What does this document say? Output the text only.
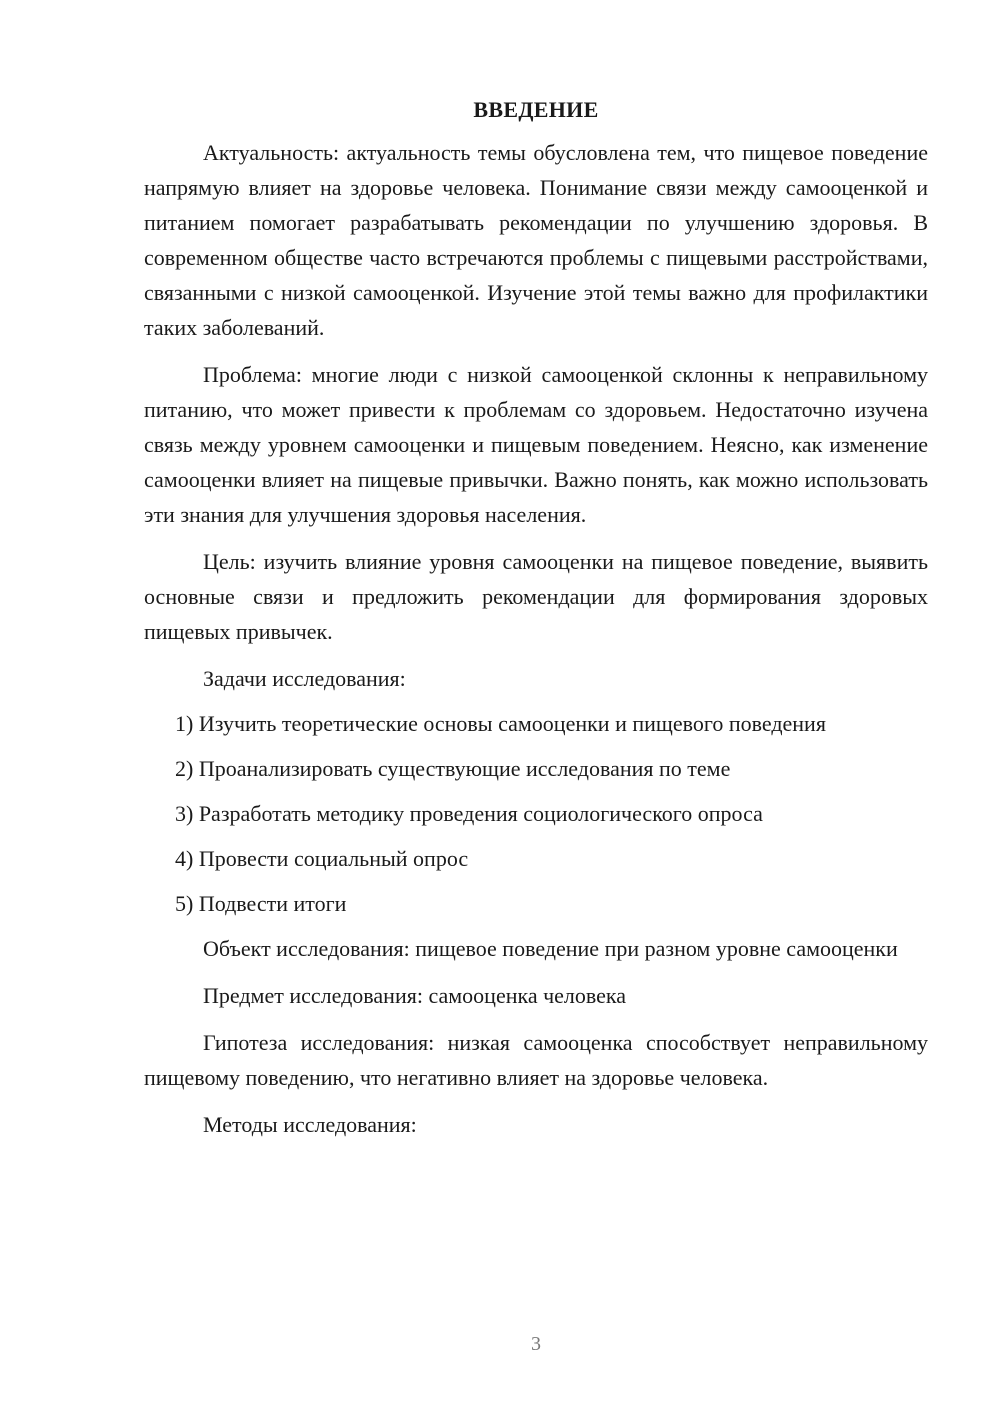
ВВЕДЕНИЕ

Актуальность: актуальность темы обусловлена тем, что пищевое поведение напрямую влияет на здоровье человека. Понимание связи между самооценкой и питанием помогает разрабатывать рекомендации по улучшению здоровья. В современном обществе часто встречаются проблемы с пищевыми расстройствами, связанными с низкой самооценкой. Изучение этой темы важно для профилактики таких заболеваний.

Проблема: многие люди с низкой самооценкой склонны к неправильному питанию, что может привести к проблемам со здоровьем. Недостаточно изучена связь между уровнем самооценки и пищевым поведением. Неясно, как изменение самооценки влияет на пищевые привычки. Важно понять, как можно использовать эти знания для улучшения здоровья населения.

Цель: изучить влияние уровня самооценки на пищевое поведение, выявить основные связи и предложить рекомендации для формирования здоровых пищевых привычек.

Задачи исследования:

1) Изучить теоретические основы самооценки и пищевого поведения
2) Проанализировать существующие исследования по теме
3) Разработать методику проведения социологического опроса
4) Провести социальный опрос
5) Подвести итоги

Объект исследования: пищевое поведение при разном уровне самооценки

Предмет исследования: самооценка человека

Гипотеза исследования: низкая самооценка способствует неправильному пищевому поведению, что негативно влияет на здоровье человека.

Методы исследования:

3
